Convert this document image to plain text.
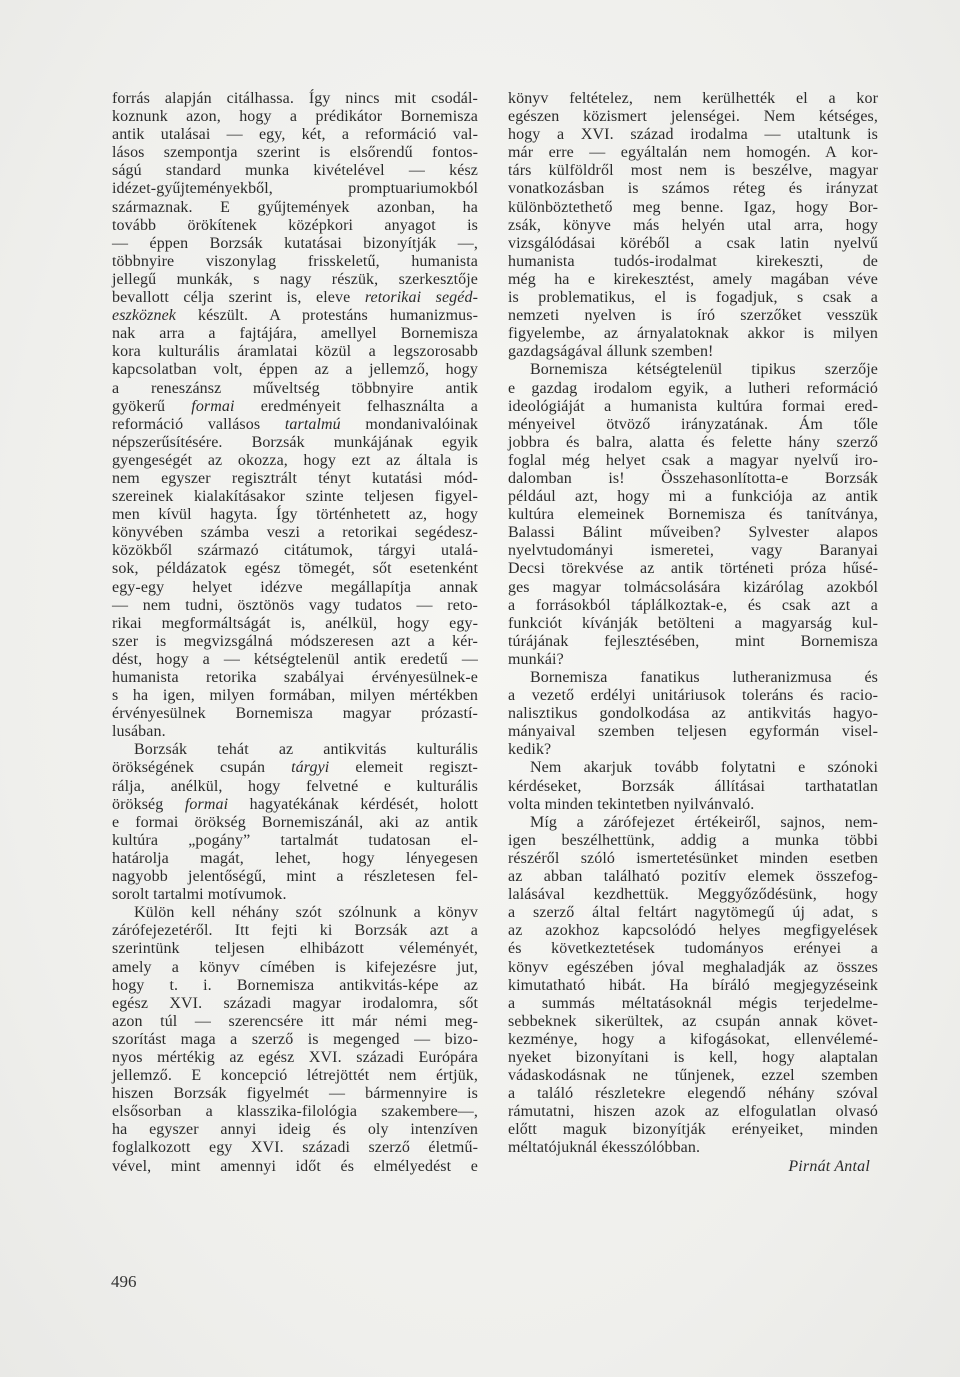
forrás alapján citálhassa. Így nincs mit csodál-
koznunk azon, hogy a prédikátor Bornemisza
antik utalásai — egy, két, a reformáció val-
lásos szempontja szerint is elsőrendű fontos-
ságú standard munka kivételével — kész
idézet-gyűjteményekből, promptuariumokból
származnak. E gyűjtemények azonban, ha
tovább örökítenek középkori anyagot is
— éppen Borzsák kutatásai bizonyítják —,
többnyire viszonylag frisskeletű, humanista
jellegű munkák, s nagy részük, szerkesztője
bevallott célja szerint is, eleve retorikai segéd-
eszköznek készült. A protestáns humanizmus-
nak arra a fajtájára, amellyel Bornemisza
kora kulturális áramlatai közül a legszorosabb
kapcsolatban volt, éppen az a jellemző, hogy
a reneszánsz műveltség többnyire antik
gyökerű formai eredményeit felhasználta a
reformáció vallásos tartalmú mondanivalóinak
népszerűsítésére. Borzsák munkájának egyik
gyengeségét az okozza, hogy ezt az általa is
nem egyszer regisztrált tényt kutatási mód-
szereinek kialakításakor szinte teljesen figyel-
men kívül hagyta. Így történhetett az, hogy
könyvében számba veszi a retorikai segédesz-
közökből származó citátumok, tárgyi utalá-
sok, példázatok egész tömegét, sőt esetenként
egy-egy helyet idézve megállapítja annak
— nem tudni, ösztönös vagy tudatos — reto-
rikai megformáltságát is, anélkül, hogy egy-
szer is megvizsgálná módszeresen azt a kér-
dést, hogy a — kétségtelenül antik eredetű —
humanista retorika szabályai érvényesülnek-e
s ha igen, milyen formában, milyen mértékben
érvényesülnek Bornemisza magyar prózastí-
lusában.
Borzsák tehát az antikvitás kulturális
örökségének csupán tárgyi elemeit regiszt-
rálja, anélkül, hogy felvetné e kulturális
örökség formai hagyatékának kérdését, holott
e formai örökség Bornemiszánál, aki az antik
kultúra „pogány” tartalmát tudatosan el-
határolja magát, lehet, hogy lényegesen
nagyobb jelentőségű, mint a részletesen fel-
sorolt tartalmi motívumok.
Külön kell néhány szót szólnunk a könyv
zárófejezetéről. Itt fejti ki Borzsák azt a
szerintünk teljesen elhibázott véleményét,
amely a könyv címében is kifejezésre jut,
hogy t. i. Bornemisza antikvitás-képe az
egész XVI. századi magyar irodalomra, sőt
azon túl — szerencsére itt már némi meg-
szorítást maga a szerző is megenged — bizo-
nyos mértékig az egész XVI. századi Európára
jellemző. E koncepció létrejöttét nem értjük,
hiszen Borzsák figyelmét — bármennyire is
elsősorban a klasszika-filológia szakembere—,
ha egyszer annyi ideig és oly intenzíven
foglalkozott egy XVI. századi szerző életmű-
vével, mint amennyi időt és elmélyedést e
könyv feltételez, nem kerülhették el a kor
egészen közismert jelenségei. Nem kétséges,
hogy a XVI. század irodalma — utaltunk is
már erre — egyáltalán nem homogén. A kor-
társ külföldről most nem is beszélve, magyar
vonatkozásban is számos réteg és irányzat
különböztethető meg benne. Igaz, hogy Bor-
zsák, könyve más helyén utal arra, hogy
vizsgálódásai köréből a csak latin nyelvű
humanista tudós-irodalmat kirekeszti, de
még ha e kirekesztést, amely magában véve
is problematikus, el is fogadjuk, s csak a
nemzeti nyelven is író szerzőket vesszük
figyelembe, az árnyalatoknak akkor is milyen
gazdagságával állunk szemben!
Bornemisza kétségtelenül tipikus szerzője
e gazdag irodalom egyik, a lutheri reformáció
ideológiáját a humanista kultúra formai ered-
ményeivel ötvöző irányzatának. Ám tőle
jobbra és balra, alatta és felette hány szerző
foglal még helyet csak a magyar nyelvű iro-
dalomban is! Összehasonlította-e Borzsák
például azt, hogy mi a funkciója az antik
kultúra elemeinek Bornemisza és tanítványa,
Balassi Bálint műveiben? Sylvester alapos
nyelvtudományi ismeretei, vagy Baranyai
Decsi törekvése az antik történeti próza hűsé-
ges magyar tolmácsolására kizárólag azokból
a forrásokból táplálkoztak-e, és csak azt a
funkciót kívánják betölteni a magyarság kul-
túrájának fejlesztésében, mint Bornemisza
munkái?
Bornemisza fanatikus lutheranizmusa és
a vezető erdélyi unitáriusok toleráns és racio-
nalisztikus gondolkodása az antikvitás hagyo-
mányaival szemben teljesen egyformán visel-
kedik?
Nem akarjuk tovább folytatni e szónoki
kérdéseket, Borzsák állításai tarthatatlan
volta minden tekintetben nyilvánvaló.
Míg a zárófejezet értékeiről, sajnos, nem-
igen beszélhettünk, addig a munka többi
részéről szóló ismertetésünket minden esetben
az abban található pozitív elemek összefog-
lalásával kezdhettük. Meggyőződésünk, hogy
a szerző által feltárt nagytömegű új adat, s
az azokhoz kapcsolódó helyes megfigyelések
és következtetések tudományos erényei a
könyv egészében jóval meghaladják az összes
kimutatható hibát. Ha bíráló megjegyzéseink
a summás méltatásoknál mégis terjedelme-
sebbeknek sikerültek, az csupán annak követ-
kezménye, hogy a kifogásokat, ellenvélemé-
nyeket bizonyítani is kell, hogy alaptalan
vádaskodásnak ne tűnjenek, ezzel szemben
a találó részletekre elegendő néhány szóval
rámutatni, hiszen azok az elfogulatlan olvasó
előtt maguk bizonyítják erényeiket, minden
méltatójuknál ékesszólóbban.
Pirnát Antal
496
